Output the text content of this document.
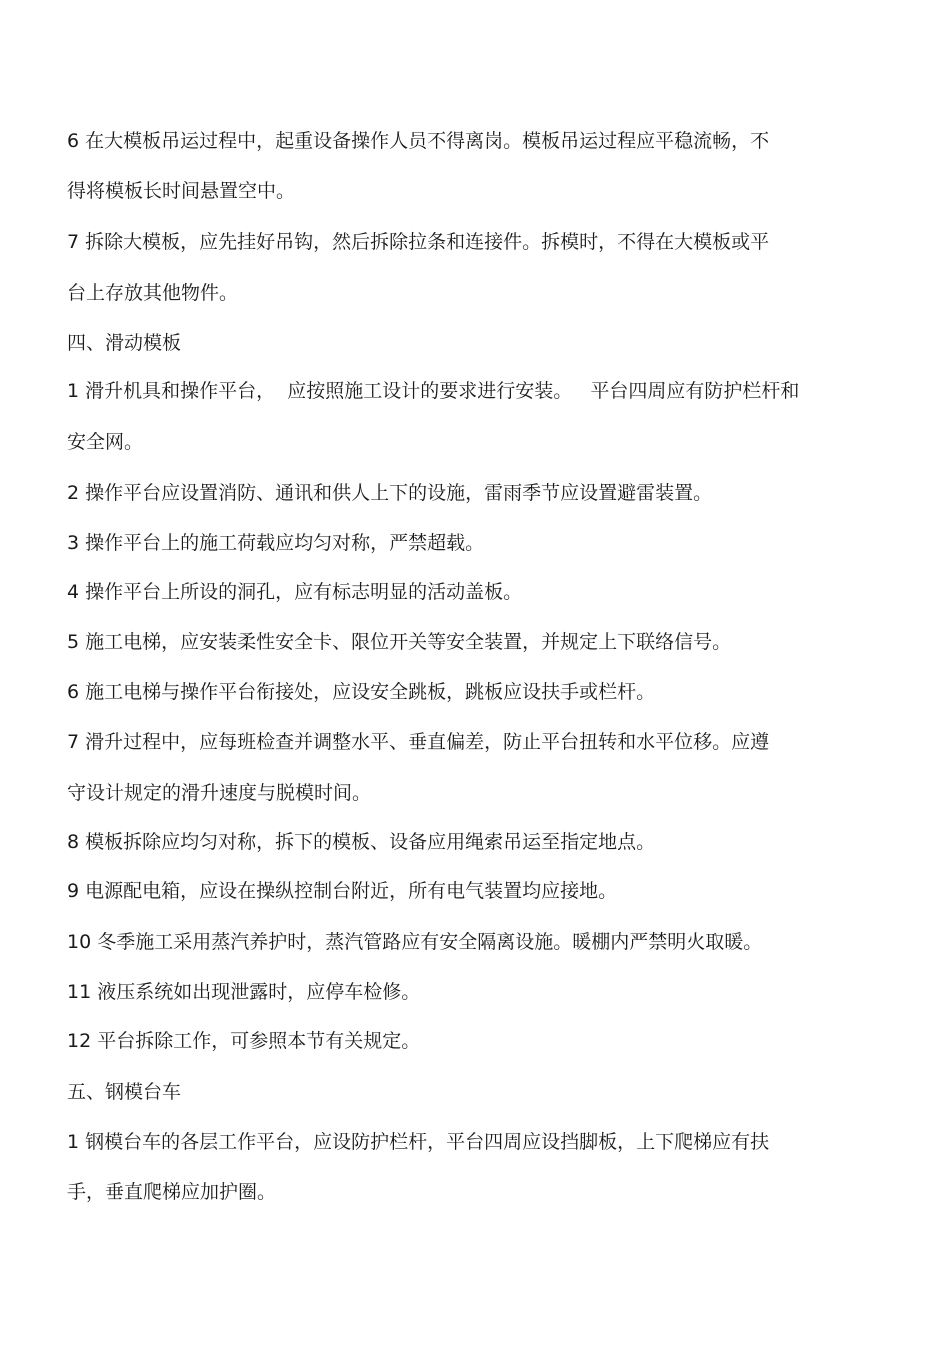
6 在大模板吊运过程中，起重设备操作人员不得离岗。模板吊运过程应平稳流畅，不

得将模板长时间悬置空中。

7 拆除大模板，应先挂好吊钩，然后拆除拉条和连接件。拆模时，不得在大模板或平

台上存放其他物件。

四、滑动模板

1 滑升机具和操作平台，  应按照施工设计的要求进行安装。   平台四周应有防护栏杆和

安全网。

2 操作平台应设置消防、通讯和供人上下的设施，雷雨季节应设置避雷装置。

3 操作平台上的施工荷载应均匀对称，严禁超载。

4 操作平台上所设的洞孔，应有标志明显的活动盖板。

5 施工电梯，应安装柔性安全卡、限位开关等安全装置，并规定上下联络信号。

6 施工电梯与操作平台衔接处，应设安全跳板，跳板应设扶手或栏杆。

7 滑升过程中，应每班检查并调整水平、垂直偏差，防止平台扭转和水平位移。应遵

守设计规定的滑升速度与脱模时间。

8 模板拆除应均匀对称，拆下的模板、设备应用绳索吊运至指定地点。

9 电源配电箱，应设在操纵控制台附近，所有电气装置均应接地。

10 冬季施工采用蒸汽养护时，蒸汽管路应有安全隔离设施。暖棚内严禁明火取暖。

11 液压系统如出现泄露时，应停车检修。

12 平台拆除工作，可参照本节有关规定。

五、钢模台车

1 钢模台车的各层工作平台，应设防护栏杆，平台四周应设挡脚板，上下爬梯应有扶

手，垂直爬梯应加护圈。
